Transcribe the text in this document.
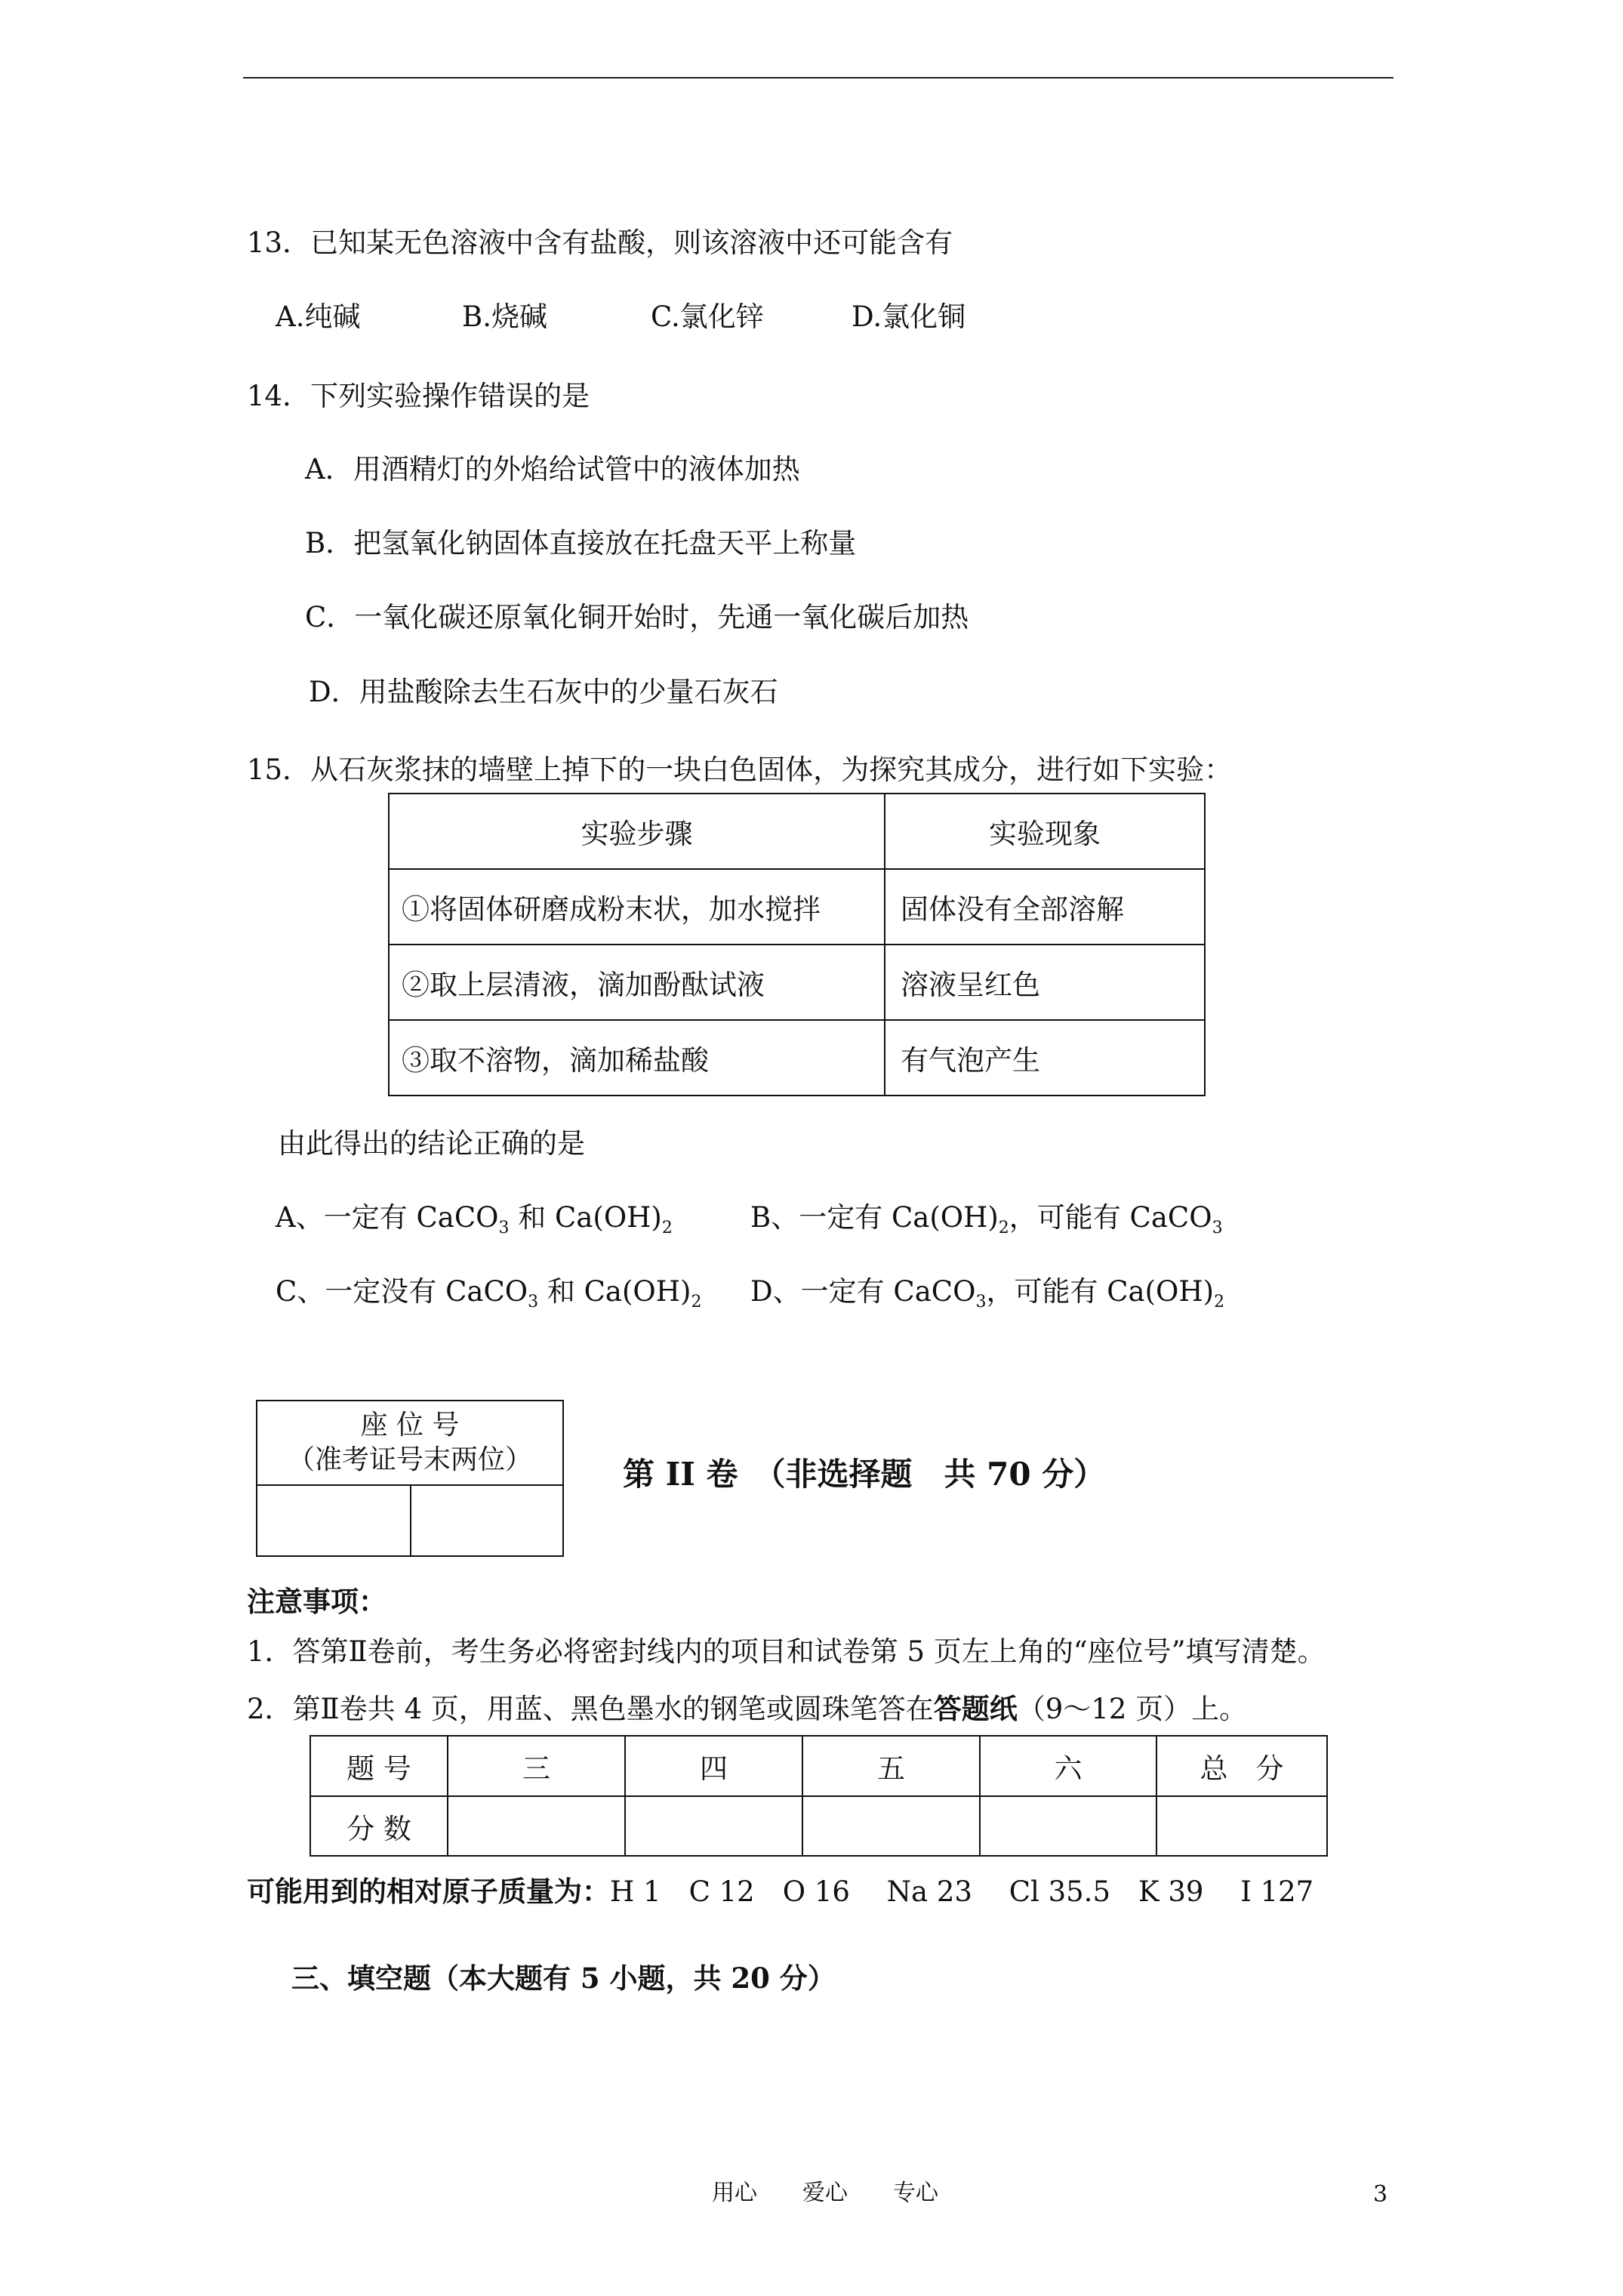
13．已知某无色溶液中含有盐酸，则该溶液中还可能含有
A.纯碱	B.烧碱	C.氯化锌	D.氯化铜
14．下列实验操作错误的是
A．用酒精灯的外焰给试管中的液体加热
B．把氢氧化钠固体直接放在托盘天平上称量
C．一氧化碳还原氧化铜开始时，先通一氧化碳后加热
D．用盐酸除去生石灰中的少量石灰石
15．从石灰浆抹的墙壁上掉下的一块白色固体，为探究其成分，进行如下实验：
实验步骤	实验现象
①将固体研磨成粉末状，加水搅拌	固体没有全部溶解
②取上层清液，滴加酚酞试液	溶液呈红色
③取不溶物，滴加稀盐酸	有气泡产生
由此得出的结论正确的是
A、一定有 CaCO$_3$ 和 $Ca(OH)_2$	B、一定有 $Ca(OH)_2$，可能有 CaCO$_3$
C、一定没有 CaCO$_3$ 和 $Ca(OH)_2$ D、一定有 CaCO$_3$，可能有 $Ca(OH)_2$
座 位 号
（准考证号末两位）

		第 II 卷　（非选择题　共 70 分）
注意事项：
1．答第Ⅱ卷前，考生务必将密封线内的项目和试卷第 5 页左上角的“座位号”填写清楚。
2．第Ⅱ卷共 4 页，用蓝、黑色墨水的钢笔或圆珠笔答在答题纸（9～12 页）上。
题 号	三	四	五	六	总　分
分 数					
可能用到的相对原子质量为：H 1　C 12　O 16　 Na 23　 Cl 35.5　K 39　 I 127
三、填空题（本大题有 5 小题，共 20 分）
用心　　爱心　　专心	3
